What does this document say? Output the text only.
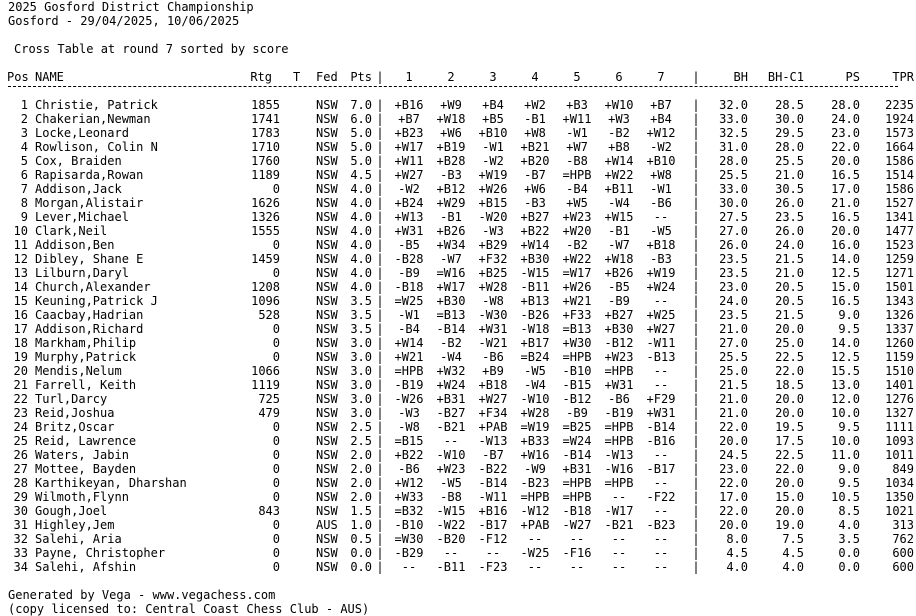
2025 Gosford District Championship
Gosford - 29/04/2025, 10/06/2025
Cross Table at round 7 sorted by score
Pos NAME	Rtg T Fed	Pts |	1	2	3	4	5	6	7	|	BH	BH-C1	PS	TPR
1 Christie, Patrick	1855	NSW	7.0 | +B16	+W9	+B4	+W2	+B3	+W10	+B7	|	32.0	28.5	28.0	2235
2 Chakerian,Newman	1741	NSW	6.0 |	+B7	+W18	+B5	-B1	+W11	+W3	+B4	|	33.0	30.0	24.0	1924
3 Locke,Leonard	1783	NSW	5.0 | +B23	+W6	+B10	+W8	-W1	-B2	+W12	|	32.5	29.5	23.0	1573
4 Rowlison, Colin N	1710	NSW	5.0 | +W17	+B19	-W1	+B21	+W7	+B8	-W2	|	31.0	28.0	22.0	1664
5 Cox, Braiden	1760	NSW	5.0 | +W11	+B28	-W2	+B20	-B8	+W14	+B10	|	28.0	25.5	20.0	1586
6 Rapisarda,Rowan	1189	NSW	4.5 | +W27	-B3	+W19	-B7	=HPB	+W22	+W8	|	25.5	21.0	16.5	1514
7 Addison,Jack	0	NSW	4.0 |	-W2	+B12	+W26	+W6	-B4	+B11	-W1	|	33.0	30.5	17.0	1586
8 Morgan,Alistair	1626	NSW	4.0 | +B24	+W29	+B15	-B3	+W5	-W4	-B6	|	30.0	26.0	21.0	1527
9 Lever,Michael	1326	NSW	4.0 | +W13	-B1	-W20	+B27	+W23	+W15	--	|	27.5	23.5	16.5	1341
10 Clark,Neil	1555	NSW	4.0 | +W31	+B26	-W3	+B22	+W20	-B1	-W5	|	27.0	26.0	20.0	1477
11 Addison,Ben	0	NSW	4.0 |	-B5	+W34	+B29	+W14	-B2	-W7	+B18	|	26.0	24.0	16.0	1523
12 Dibley, Shane E	1459	NSW	4.0 | -B28	-W7	+F32	+B30	+W22	+W18	-B3	|	23.5	21.5	14.0	1259
13 Lilburn,Daryl	0	NSW	4.0 |	-B9	=W16	+B25	-W15	=W17	+B26	+W19	|	23.5	21.0	12.5	1271
14 Church,Alexander	1208	NSW	4.0 | -B18	+W17	+W28	-B11	+W26	-B5	+W24	|	23.0	20.5	15.0	1501
15 Keuning,Patrick J	1096	NSW	3.5 | =W25	+B30	-W8	+B13	+W21	-B9	--	|	24.0	20.5	16.5	1343
16 Caacbay,Hadrian	528	NSW	3.5 |	-W1	=B13	-W30	-B26	+F33	+B27	+W25	|	23.5	21.5	9.0	1326
17 Addison,Richard	0	NSW	3.5 |	-B4	-B14	+W31	-W18	=B13	+B30	+W27	|	21.0	20.0	9.5	1337
18 Markham,Philip	0	NSW	3.0 | +W14	-B2	-W21	+B17	+W30	-B12	-W11	|	27.0	25.0	14.0	1260
19 Murphy,Patrick	0	NSW	3.0 | +W21	-W4	-B6	=B24	=HPB	+W23	-B13	|	25.5	22.5	12.5	1159
20 Mendis,Nelum	1066	NSW	3.0 | =HPB	+W32	+B9	-W5	-B10	=HPB	--	|	25.0	22.0	15.5	1510
21 Farrell, Keith	1119	NSW	3.0 | -B19	+W24	+B18	-W4	-B15	+W31	--	|	21.5	18.5	13.0	1401
22 Turl,Darcy	725	NSW	3.0 | -W26	+B31	+W27	-W10	-B12	-B6	+F29	|	21.0	20.0	12.0	1276
23 Reid,Joshua	479	NSW	3.0 |	-W3	-B27	+F34	+W28	-B9	-B19	+W31	|	21.0	20.0	10.0	1327
24 Britz,Oscar	0	NSW	2.5 |	-W8	-B21	+PAB	=W19	=B25	=HPB	-B14	|	22.0	19.5	9.5	1111
25 Reid, Lawrence	0	NSW	2.5 | =B15	--	-W13	+B33	=W24	=HPB	-B16	|	20.0	17.5	10.0	1093
26 Waters, Jabin	0	NSW	2.0 | +B22	-W10	-B7	+W16	-B14	-W13	--	|	24.5	22.5	11.0	1011
27 Mottee, Bayden	0	NSW	2.0 |	-B6	+W23	-B22	-W9	+B31	-W16	-B17	|	23.0	22.0	9.0	849
28 Karthikeyan, Dharshan	0	NSW	2.0 | +W12	-W5	-B14	-B23	=HPB	=HPB	--	|	22.0	20.0	9.5	1034
29 Wilmoth,Flynn	0	NSW	2.0 | +W33	-B8	-W11	=HPB	=HPB	--	-F22	|	17.0	15.0	10.5	1350
30 Gough,Joel	843	NSW	1.5 | =B32	-W15	+B16	-W12	-B18	-W17	--	|	22.0	20.0	8.5	1021
31 Highley,Jem	0	AUS	1.0 | -B10	-W22	-B17	+PAB	-W27	-B21	-B23	|	20.0	19.0	4.0	313
32 Salehi, Aria	0	NSW	0.5 | =W30	-B20	-F12	--	--	--	--	|	8.0	7.5	3.5	762
33 Payne, Christopher	0	NSW	0.0 | -B29	--	--	-W25	-F16	--	--	|	4.5	4.5	0.0	600
34 Salehi, Afshin	0	NSW	0.0 |	--	-B11	-F23	--	--	--	--	|	4.0	4.0	0.0	600
Generated by Vega - www.vegachess.com
(copy licensed to: Central Coast Chess Club - AUS)
